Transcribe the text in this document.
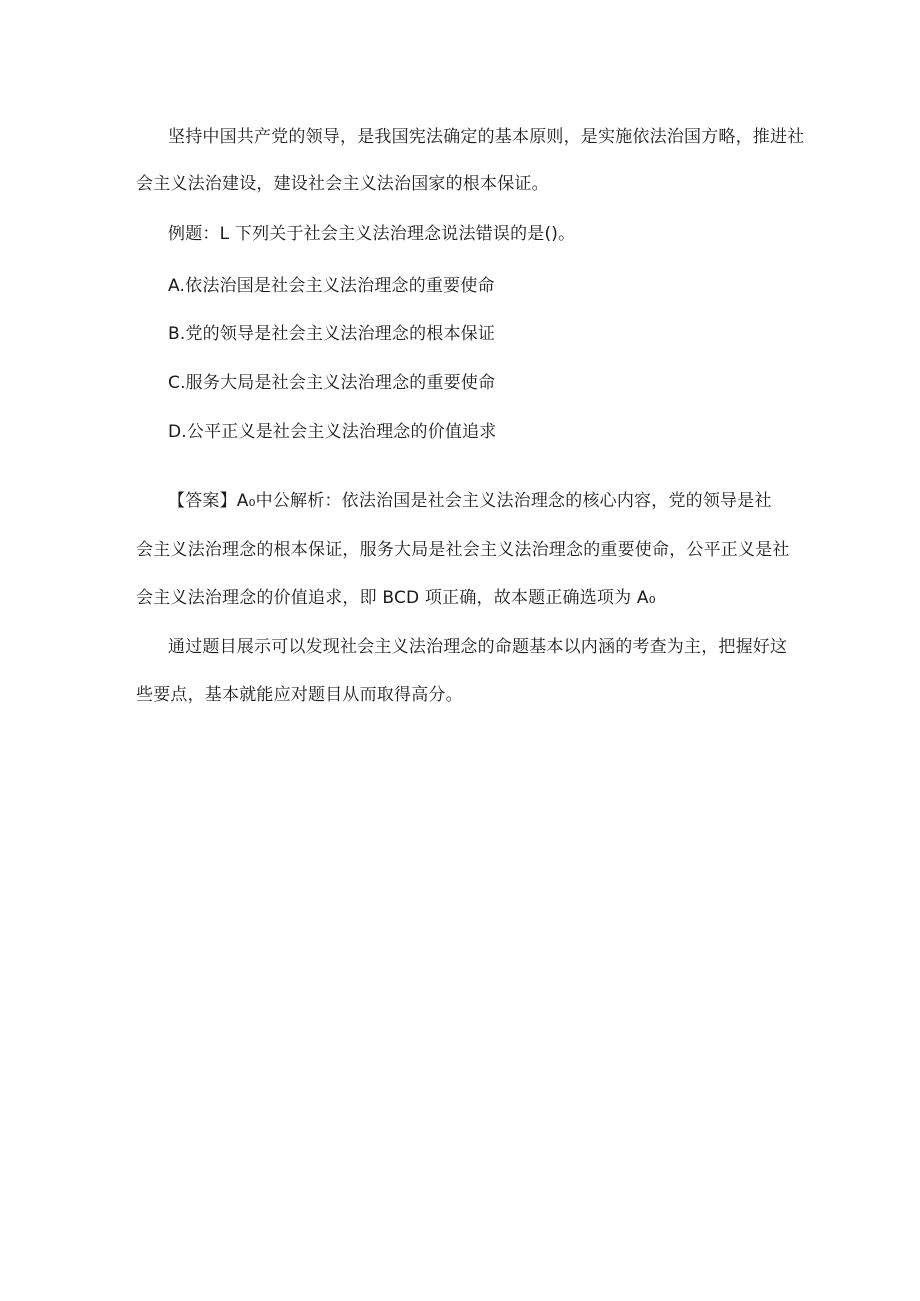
坚持中国共产党的领导，是我国宪法确定的基本原则，是实施依法治国方略，推进社
会主义法治建设，建设社会主义法治国家的根本保证。
例题：L 下列关于社会主义法治理念说法错误的是()。
A.依法治国是社会主义法治理念的重要使命
B.党的领导是社会主义法治理念的根本保证
C.服务大局是社会主义法治理念的重要使命
D.公平正义是社会主义法治理念的价值追求
【答案】A₀中公解析：依法治国是社会主义法治理念的核心内容，党的领导是社
会主义法治理念的根本保证，服务大局是社会主义法治理念的重要使命，公平正义是社
会主义法治理念的价值追求，即 BCD 项正确，故本题正确选项为 A₀
通过题目展示可以发现社会主义法治理念的命题基本以内涵的考查为主，把握好这
些要点，基本就能应对题目从而取得高分。
